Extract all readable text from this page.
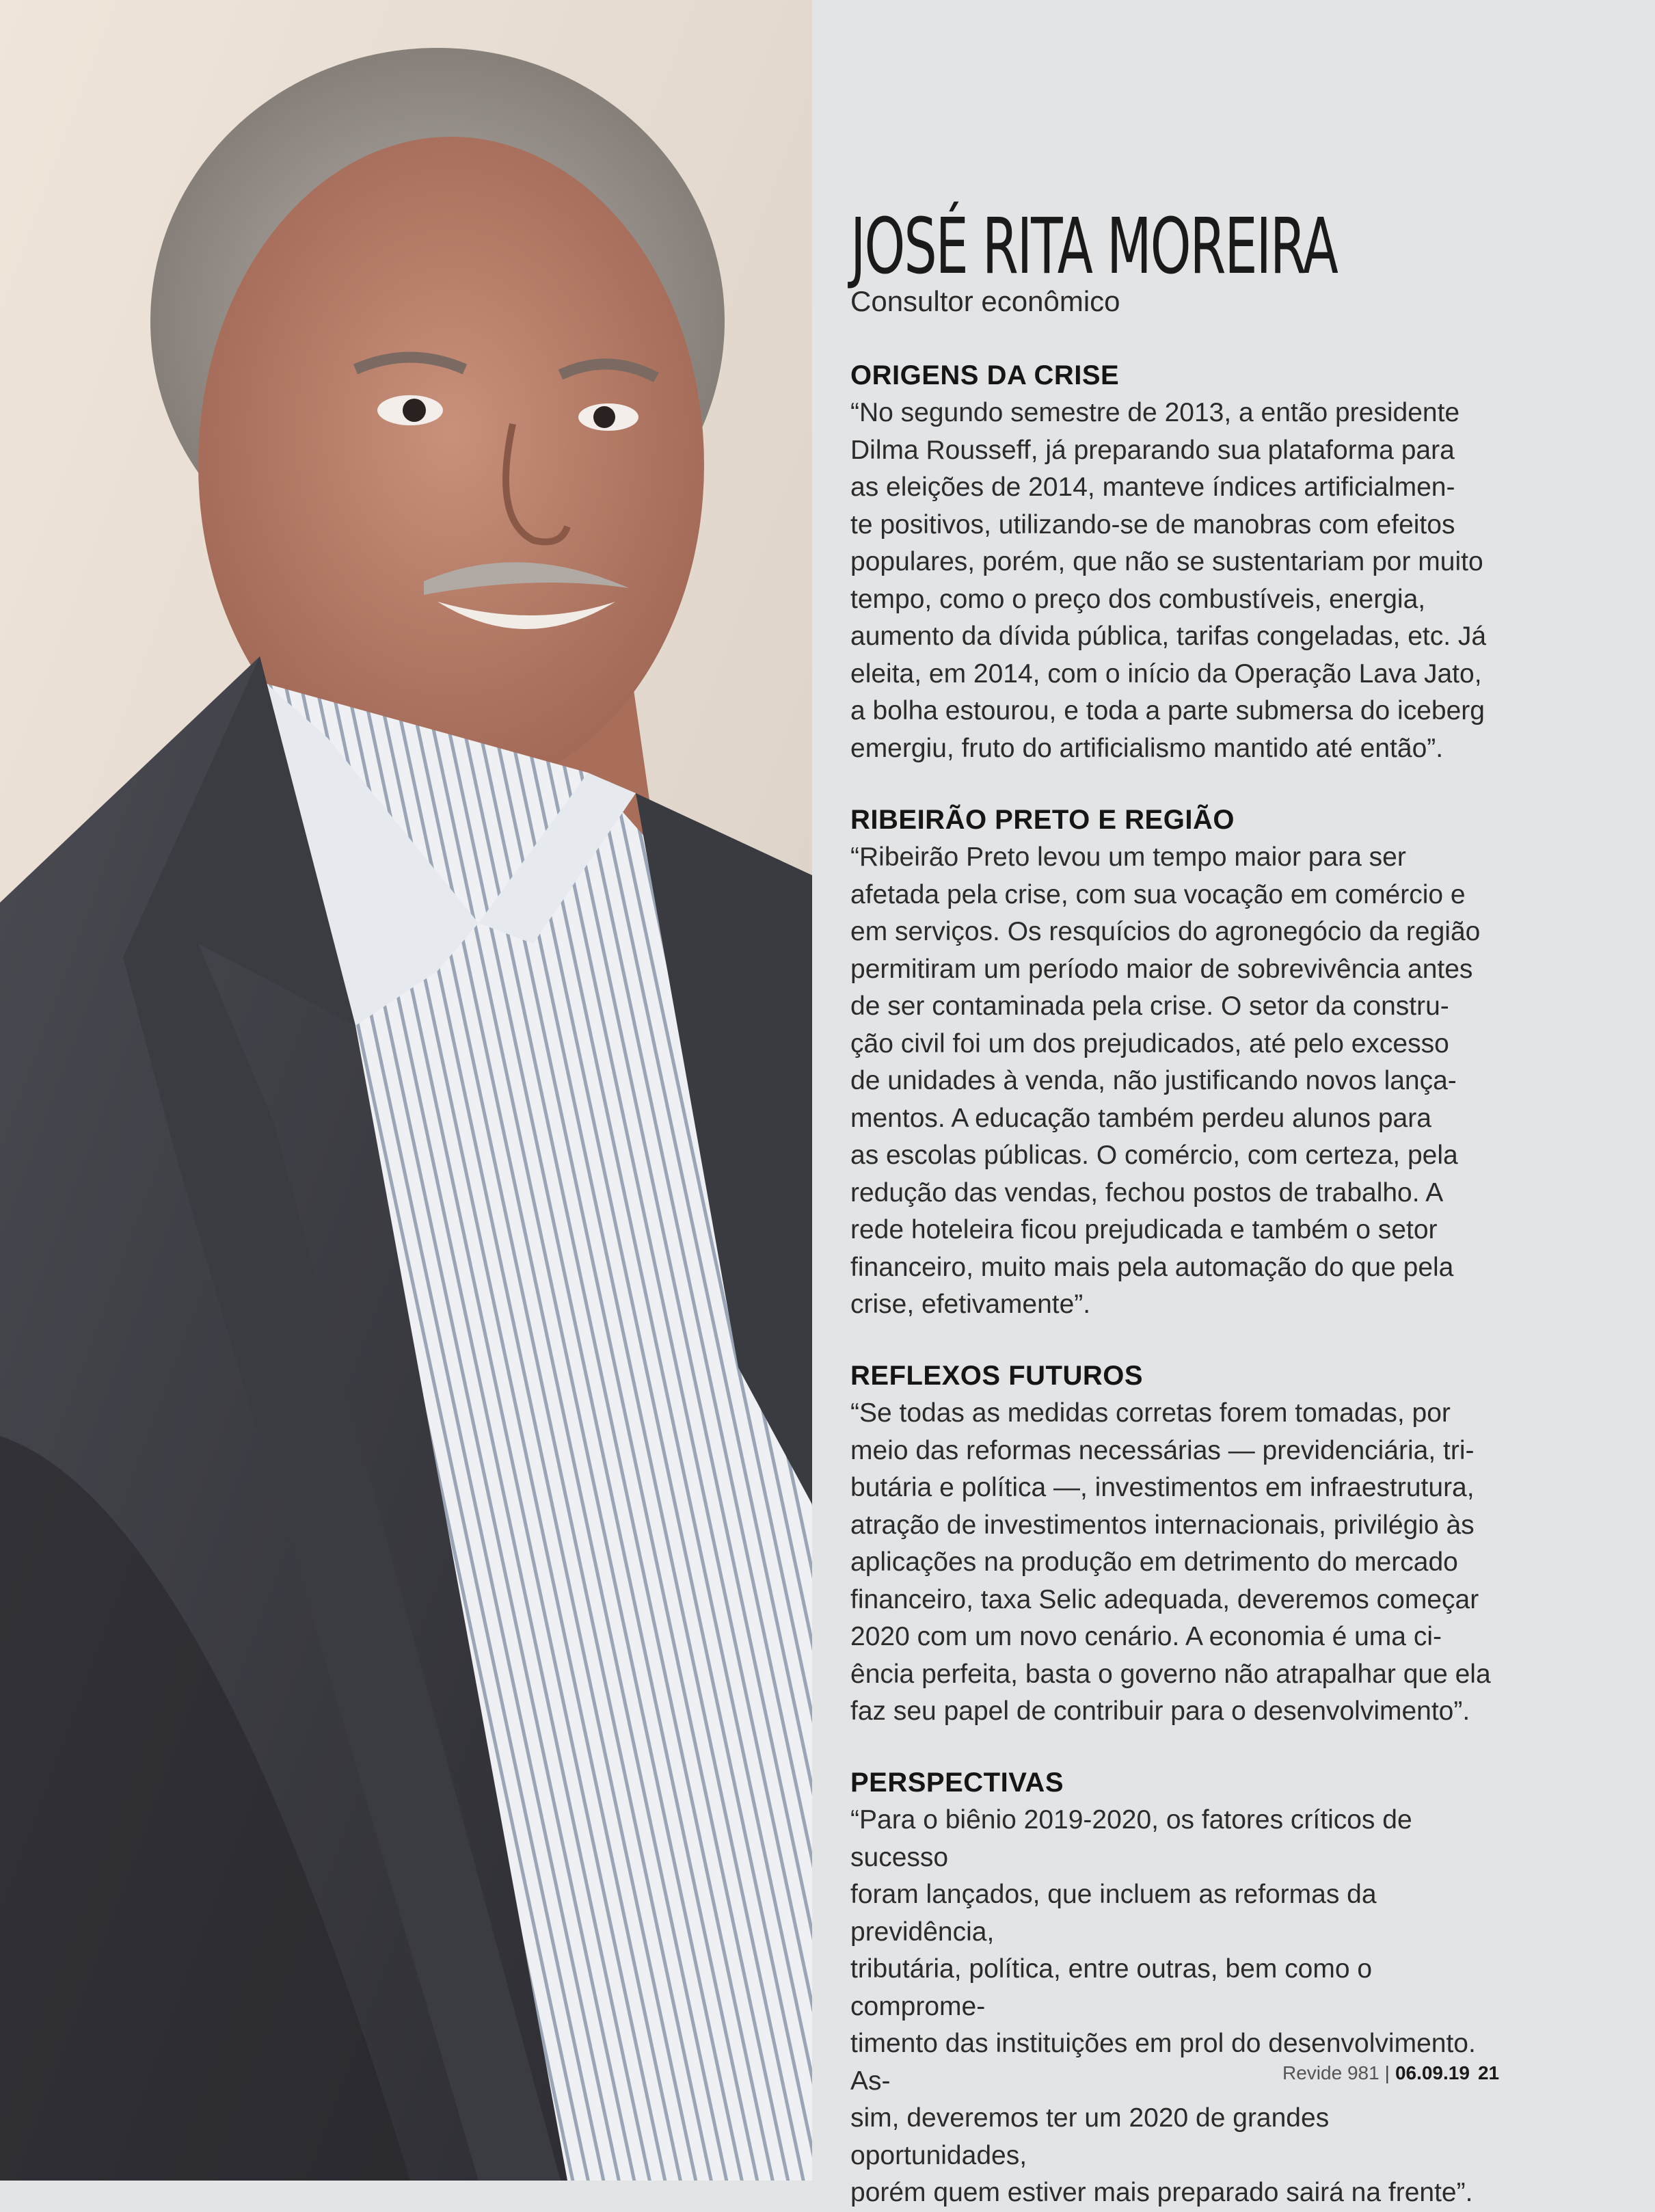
JOSÉ RITA MOREIRA

Consultor econômico

ORIGENS DA CRISE

“No segundo semestre de 2013, a então presidente
Dilma Rousseff, já preparando sua plataforma para
as eleições de 2014, manteve índices artificialmen-
te positivos, utilizando-se de manobras com efeitos
populares, porém, que não se sustentariam por muito
tempo, como o preço dos combustíveis, energia,
aumento da dívida pública, tarifas congeladas, etc. Já
eleita, em 2014, com o início da Operação Lava Jato,
a bolha estourou, e toda a parte submersa do iceberg
emergiu, fruto do artificialismo mantido até então”.

RIBEIRÃO PRETO E REGIÃO

“Ribeirão Preto levou um tempo maior para ser
afetada pela crise, com sua vocação em comércio e
em serviços. Os resquícios do agronegócio da região
permitiram um período maior de sobrevivência antes
de ser contaminada pela crise. O setor da constru-
ção civil foi um dos prejudicados, até pelo excesso
de unidades à venda, não justificando novos lança-
mentos. A educação também perdeu alunos para
as escolas públicas. O comércio, com certeza, pela
redução das vendas, fechou postos de trabalho. A
rede hoteleira ficou prejudicada e também o setor
financeiro, muito mais pela automação do que pela
crise, efetivamente”.

REFLEXOS FUTUROS

“Se todas as medidas corretas forem tomadas, por
meio das reformas necessárias — previdenciária, tri-
butária e política —, investimentos em infraestrutura,
atração de investimentos internacionais, privilégio às
aplicações na produção em detrimento do mercado
financeiro, taxa Selic adequada, deveremos começar
2020 com um novo cenário. A economia é uma ci-
ência perfeita, basta o governo não atrapalhar que ela
faz seu papel de contribuir para o desenvolvimento”.

PERSPECTIVAS

“Para o biênio 2019-2020, os fatores críticos de sucesso
foram lançados, que incluem as reformas da previdência,
tributária, política, entre outras, bem como o comprome-
timento das instituições em prol do desenvolvimento. As-
sim, deveremos ter um 2020 de grandes oportunidades,
porém quem estiver mais preparado sairá na frente”.

Revide 981 | 06.09.19 21
